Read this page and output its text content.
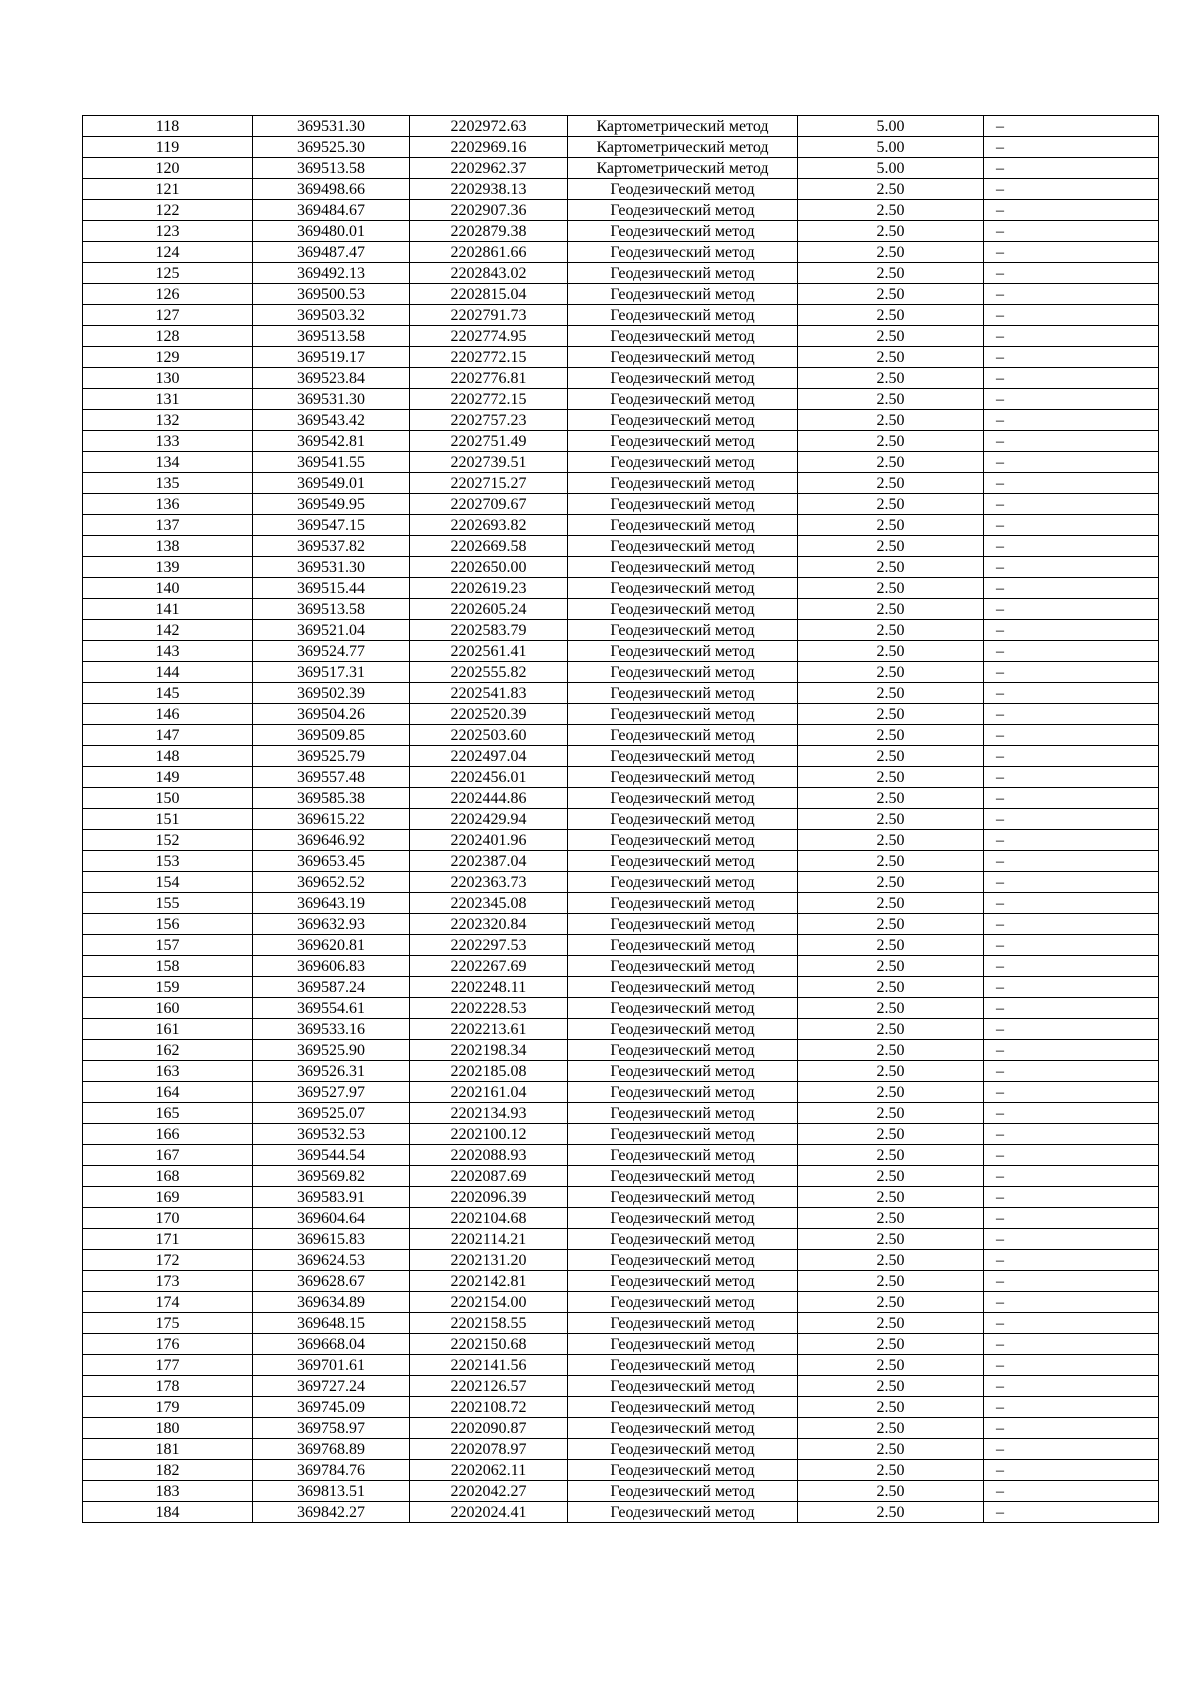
118	369531.30	2202972.63	Картометрический метод	5.00	–
119	369525.30	2202969.16	Картометрический метод	5.00	–
120	369513.58	2202962.37	Картометрический метод	5.00	–
121	369498.66	2202938.13	Геодезический метод	2.50	–
122	369484.67	2202907.36	Геодезический метод	2.50	–
123	369480.01	2202879.38	Геодезический метод	2.50	–
124	369487.47	2202861.66	Геодезический метод	2.50	–
125	369492.13	2202843.02	Геодезический метод	2.50	–
126	369500.53	2202815.04	Геодезический метод	2.50	–
127	369503.32	2202791.73	Геодезический метод	2.50	–
128	369513.58	2202774.95	Геодезический метод	2.50	–
129	369519.17	2202772.15	Геодезический метод	2.50	–
130	369523.84	2202776.81	Геодезический метод	2.50	–
131	369531.30	2202772.15	Геодезический метод	2.50	–
132	369543.42	2202757.23	Геодезический метод	2.50	–
133	369542.81	2202751.49	Геодезический метод	2.50	–
134	369541.55	2202739.51	Геодезический метод	2.50	–
135	369549.01	2202715.27	Геодезический метод	2.50	–
136	369549.95	2202709.67	Геодезический метод	2.50	–
137	369547.15	2202693.82	Геодезический метод	2.50	–
138	369537.82	2202669.58	Геодезический метод	2.50	–
139	369531.30	2202650.00	Геодезический метод	2.50	–
140	369515.44	2202619.23	Геодезический метод	2.50	–
141	369513.58	2202605.24	Геодезический метод	2.50	–
142	369521.04	2202583.79	Геодезический метод	2.50	–
143	369524.77	2202561.41	Геодезический метод	2.50	–
144	369517.31	2202555.82	Геодезический метод	2.50	–
145	369502.39	2202541.83	Геодезический метод	2.50	–
146	369504.26	2202520.39	Геодезический метод	2.50	–
147	369509.85	2202503.60	Геодезический метод	2.50	–
148	369525.79	2202497.04	Геодезический метод	2.50	–
149	369557.48	2202456.01	Геодезический метод	2.50	–
150	369585.38	2202444.86	Геодезический метод	2.50	–
151	369615.22	2202429.94	Геодезический метод	2.50	–
152	369646.92	2202401.96	Геодезический метод	2.50	–
153	369653.45	2202387.04	Геодезический метод	2.50	–
154	369652.52	2202363.73	Геодезический метод	2.50	–
155	369643.19	2202345.08	Геодезический метод	2.50	–
156	369632.93	2202320.84	Геодезический метод	2.50	–
157	369620.81	2202297.53	Геодезический метод	2.50	–
158	369606.83	2202267.69	Геодезический метод	2.50	–
159	369587.24	2202248.11	Геодезический метод	2.50	–
160	369554.61	2202228.53	Геодезический метод	2.50	–
161	369533.16	2202213.61	Геодезический метод	2.50	–
162	369525.90	2202198.34	Геодезический метод	2.50	–
163	369526.31	2202185.08	Геодезический метод	2.50	–
164	369527.97	2202161.04	Геодезический метод	2.50	–
165	369525.07	2202134.93	Геодезический метод	2.50	–
166	369532.53	2202100.12	Геодезический метод	2.50	–
167	369544.54	2202088.93	Геодезический метод	2.50	–
168	369569.82	2202087.69	Геодезический метод	2.50	–
169	369583.91	2202096.39	Геодезический метод	2.50	–
170	369604.64	2202104.68	Геодезический метод	2.50	–
171	369615.83	2202114.21	Геодезический метод	2.50	–
172	369624.53	2202131.20	Геодезический метод	2.50	–
173	369628.67	2202142.81	Геодезический метод	2.50	–
174	369634.89	2202154.00	Геодезический метод	2.50	–
175	369648.15	2202158.55	Геодезический метод	2.50	–
176	369668.04	2202150.68	Геодезический метод	2.50	–
177	369701.61	2202141.56	Геодезический метод	2.50	–
178	369727.24	2202126.57	Геодезический метод	2.50	–
179	369745.09	2202108.72	Геодезический метод	2.50	–
180	369758.97	2202090.87	Геодезический метод	2.50	–
181	369768.89	2202078.97	Геодезический метод	2.50	–
182	369784.76	2202062.11	Геодезический метод	2.50	–
183	369813.51	2202042.27	Геодезический метод	2.50	–
184	369842.27	2202024.41	Геодезический метод	2.50	–
